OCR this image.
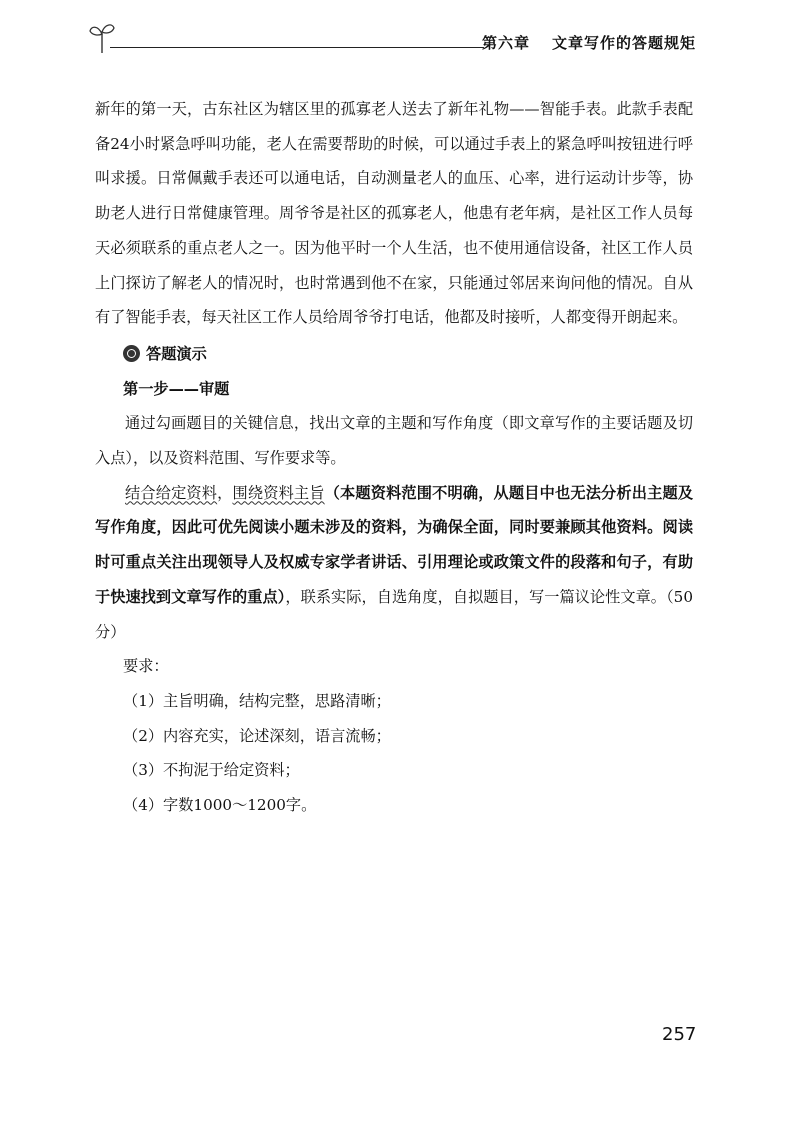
第六章 文章写作的答题规矩

新年的第一天，古东社区为辖区里的孤寡老人送去了新年礼物——智能手表。此款手表配备24小时紧急呼叫功能，老人在需要帮助的时候，可以通过手表上的紧急呼叫按钮进行呼叫求援。日常佩戴手表还可以通电话，自动测量老人的血压、心率，进行运动计步等，协助老人进行日常健康管理。周爷爷是社区的孤寡老人，他患有老年病，是社区工作人员每天必须联系的重点老人之一。因为他平时一个人生活，也不使用通信设备，社区工作人员上门探访了解老人的情况时，也时常遇到他不在家，只能通过邻居来询问他的情况。自从有了智能手表，每天社区工作人员给周爷爷打电话，他都及时接听，人都变得开朗起来。

答题演示

第一步——审题

通过勾画题目的关键信息，找出文章的主题和写作角度（即文章写作的主要话题及切入点），以及资料范围、写作要求等。

结合给定资料，围绕资料主旨（本题资料范围不明确，从题目中也无法分析出主题及写作角度，因此可优先阅读小题未涉及的资料，为确保全面，同时要兼顾其他资料。阅读时可重点关注出现领导人及权威专家学者讲话、引用理论或政策文件的段落和句子，有助于快速找到文章写作的重点），联系实际，自选角度，自拟题目，写一篇议论性文章。（50分）

要求：

（1）主旨明确，结构完整，思路清晰；

（2）内容充实，论述深刻，语言流畅；

（3）不拘泥于给定资料；

（4）字数1000～1200字。

257
